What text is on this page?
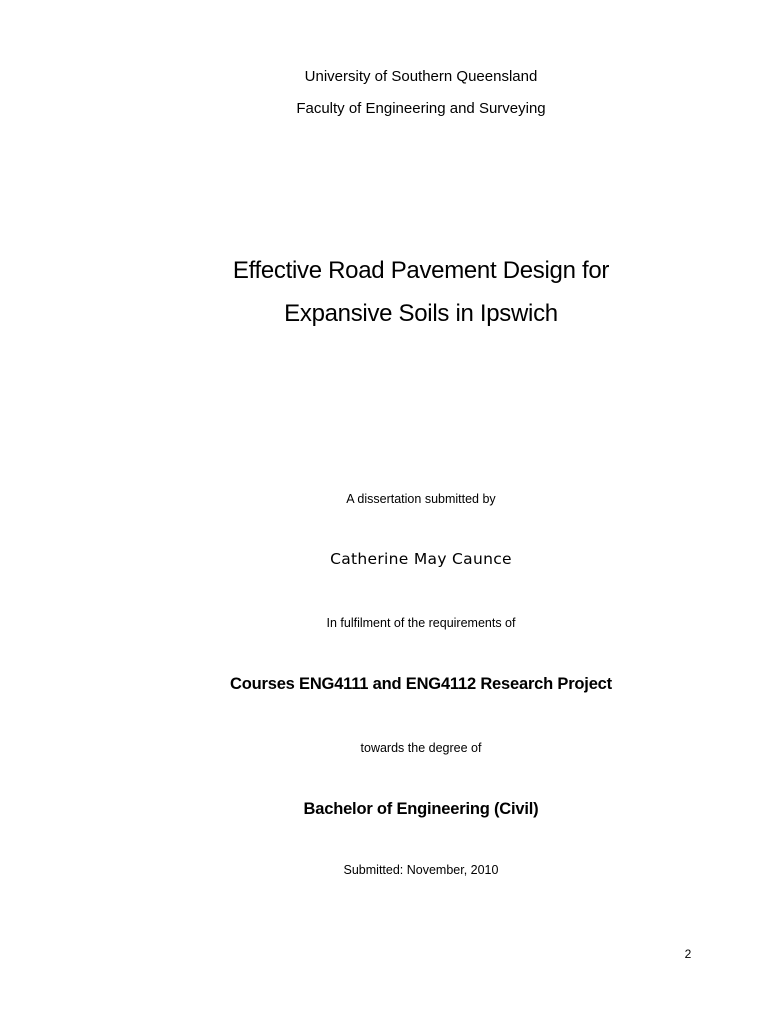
University of Southern Queensland
Faculty of Engineering and Surveying
Effective Road Pavement Design for
Expansive Soils in Ipswich
A dissertation submitted by
Catherine May Caunce
In fulfilment of the requirements of
Courses ENG4111 and ENG4112 Research Project
towards the degree of
Bachelor of Engineering (Civil)
Submitted: November, 2010
2
